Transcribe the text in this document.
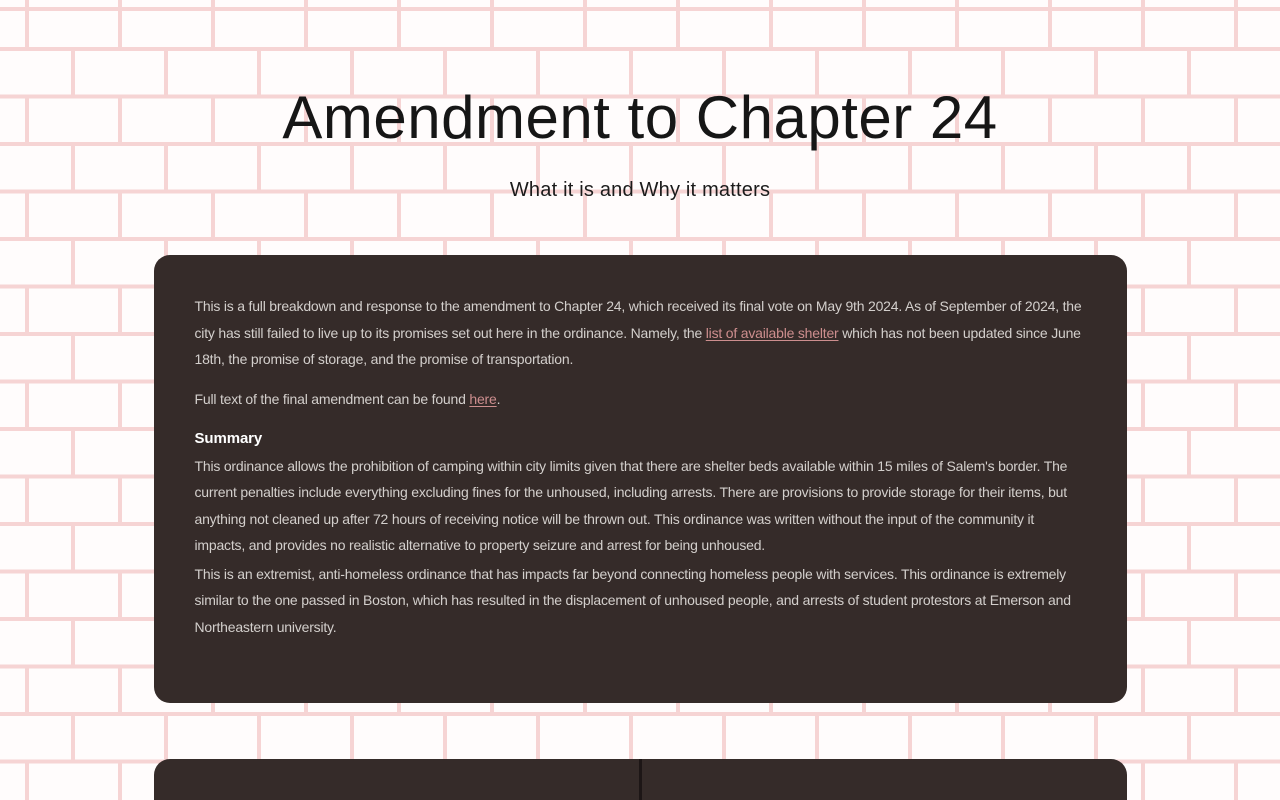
Amendment to Chapter 24
What it is and Why it matters

This is a full breakdown and response to the amendment to Chapter 24, which received its final vote on May 9th 2024. As of September of 2024, the city has still failed to live up to its promises set out here in the ordinance. Namely, the list of available shelter which has not been updated since June 18th, the promise of storage, and the promise of transportation.

Full text of the final amendment can be found here.

Summary
This ordinance allows the prohibition of camping within city limits given that there are shelter beds available within 15 miles of Salem's border. The current penalties include everything excluding fines for the unhoused, including arrests. There are provisions to provide storage for their items, but anything not cleaned up after 72 hours of receiving notice will be thrown out. This ordinance was written without the input of the community it impacts, and provides no realistic alternative to property seizure and arrest for being unhoused.

This is an extremist, anti-homeless ordinance that has impacts far beyond connecting homeless people with services. This ordinance is extremely similar to the one passed in Boston, which has resulted in the displacement of unhoused people, and arrests of student protestors at Emerson and Northeastern university.
